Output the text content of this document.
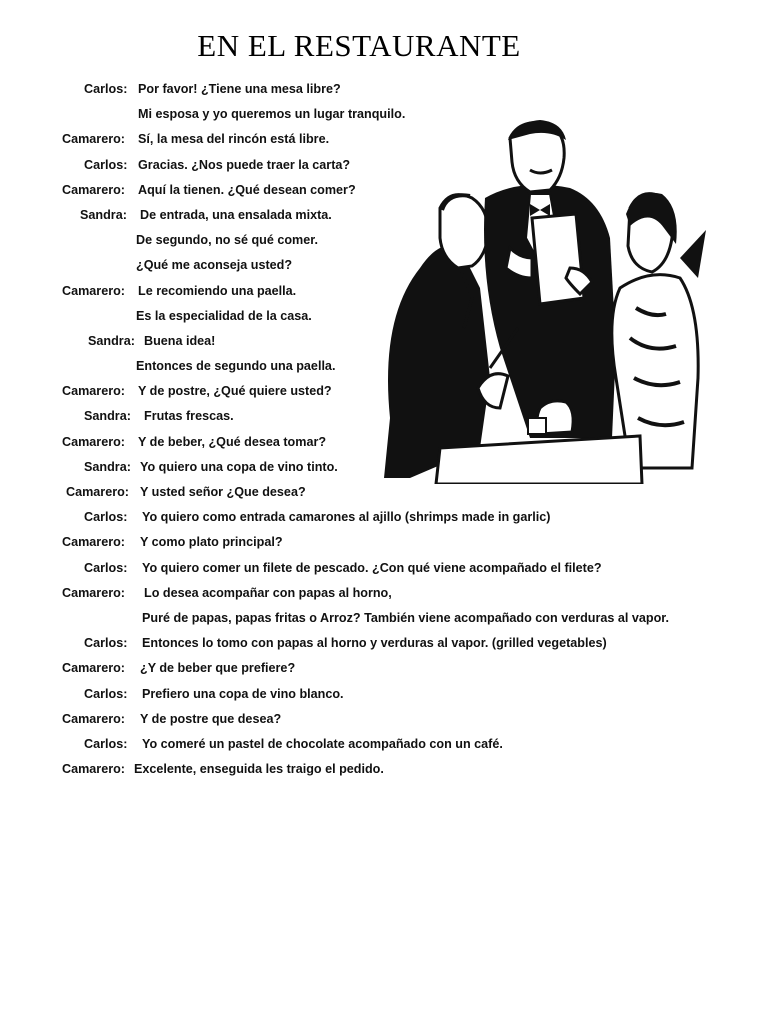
EN EL RESTAURANTE
Carlos: Por favor! ¿Tiene una mesa libre?
Mi esposa y yo queremos un lugar tranquilo.
Camarero: Sí, la mesa del rincón está libre.
Carlos: Gracias. ¿Nos puede traer la carta?
Camarero: Aquí la tienen. ¿Qué desean comer?
Sandra: De entrada, una ensalada mixta.
De segundo, no sé qué comer.
¿Qué me aconseja usted?
Camarero: Le recomiendo una paella.
Es la especialidad de la casa.
Sandra: Buena idea!
Entonces de segundo una paella.
Camarero: Y de postre, ¿Qué quiere usted?
Sandra: Frutas frescas.
Camarero: Y de beber, ¿Qué desea tomar?
Sandra: Yo quiero una copa de vino tinto.
Camarero: Y usted señor ¿Que desea?
Carlos: Yo quiero como entrada camarones al ajillo (shrimps made in garlic)
Camarero: Y como plato principal?
Carlos: Yo quiero comer un filete de pescado. ¿Con qué viene acompañado el filete?
Camarero: Lo desea acompañar con papas al horno,
Puré de papas, papas fritas o Arroz? También viene acompañado con verduras al vapor.
Carlos: Entonces lo tomo con papas al horno y verduras al vapor. (grilled vegetables)
Camarero: ¿Y de beber que prefiere?
Carlos: Prefiero una copa de vino blanco.
Camarero: Y de postre que desea?
Carlos: Yo comeré un pastel de chocolate acompañado con un café.
Camarero: Excelente, enseguida les traigo el pedido.
